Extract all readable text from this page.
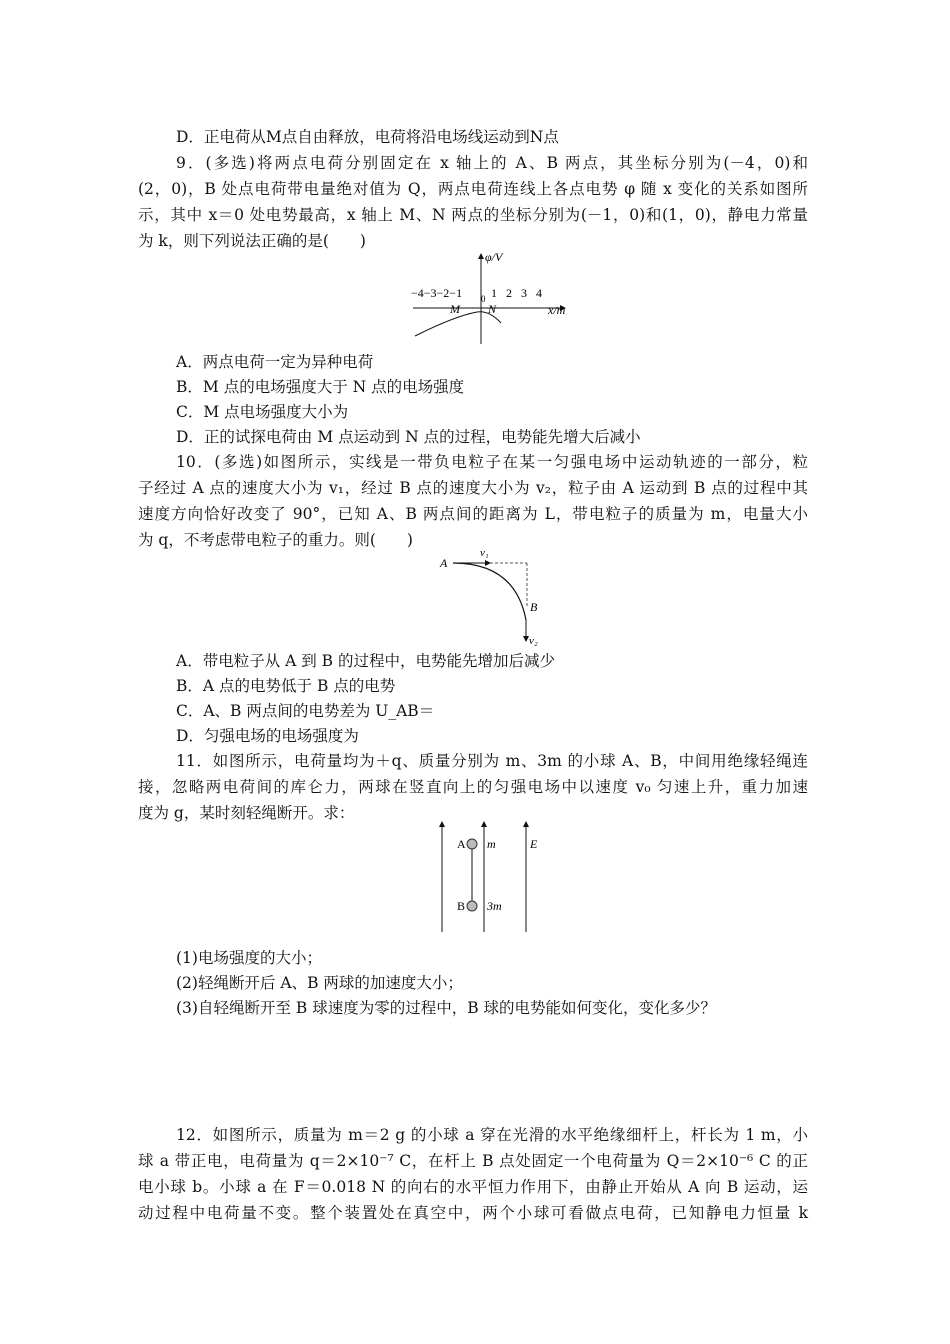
D．正电荷从M点自由释放，电荷将沿电场线运动到N点
9．(多选)将两点电荷分别固定在 x 轴上的 A、B 两点，其坐标分别为(－4，0)和
(2，0)，B 处点电荷带电量绝对值为 Q，两点电荷连线上各点电势 φ 随 x 变化的关系如图所
示，其中 x＝0 处电势最高，x 轴上 M、N 两点的坐标分别为(－1，0)和(1，0)，静电力常量
为 k，则下列说法正确的是(　　)
φ/V
x/m
−4−3−2−1 1 2 3 4
0
M N
A．两点电荷一定为异种电荷
B．M 点的电场强度大于 N 点的电场强度
C．M 点电场强度大小为
D．正的试探电荷由 M 点运动到 N 点的过程，电势能先增大后减小
10．(多选)如图所示，实线是一带负电粒子在某一匀强电场中运动轨迹的一部分，粒
子经过 A 点的速度大小为 v₁，经过 B 点的速度大小为 v₂，粒子由 A 运动到 B 点的过程中其
速度方向恰好改变了 90°，已知 A、B 两点间的距离为 L，带电粒子的质量为 m，电量大小
为 q，不考虑带电粒子的重力。则(　　)
A
v₁
B
v₂
A．带电粒子从 A 到 B 的过程中，电势能先增加后减少
B．A 点的电势低于 B 点的电势
C．A、B 两点间的电势差为 U_AB＝
D．匀强电场的电场强度为
11．如图所示，电荷量均为＋q、质量分别为 m、3m 的小球 A、B，中间用绝缘轻绳连
接，忽略两电荷间的库仑力，两球在竖直向上的匀强电场中以速度 v₀ 匀速上升，重力加速
度为 g，某时刻轻绳断开。求：
A
B
m
3m
E
(1)电场强度的大小；
(2)轻绳断开后 A、B 两球的加速度大小；
(3)自轻绳断开至 B 球速度为零的过程中，B 球的电势能如何变化，变化多少？
12．如图所示，质量为 m＝2 g 的小球 a 穿在光滑的水平绝缘细杆上，杆长为 1 m，小
球 a 带正电，电荷量为 q＝2×10⁻⁷ C，在杆上 B 点处固定一个电荷量为 Q＝2×10⁻⁶ C 的正
电小球 b。小球 a 在 F＝0.018 N 的向右的水平恒力作用下，由静止开始从 A 向 B 运动，运
动过程中电荷量不变。整个装置处在真空中，两个小球可看做点电荷，已知静电力恒量 k
